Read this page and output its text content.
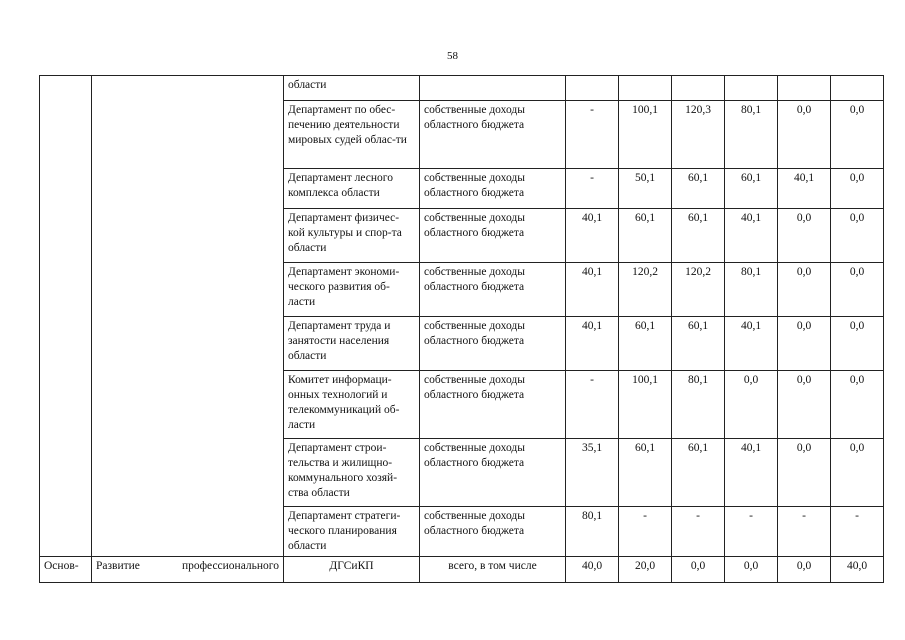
58
		области							
		Департамент по обес-печению деятельности мировых судей облас-ти	собственные доходы областного бюджета	-	100,1	120,3	80,1	0,0	0,0
		Департамент лесного комплекса области	собственные доходы областного бюджета	-	50,1	60,1	60,1	40,1	0,0
		Департамент физичес-кой культуры и спор-та области	собственные доходы областного бюджета	40,1	60,1	60,1	40,1	0,0	0,0
		Департамент экономи-ческого развития об-ласти	собственные доходы областного бюджета	40,1	120,2	120,2	80,1	0,0	0,0
		Департамент труда и занятости населения области	собственные доходы областного бюджета	40,1	60,1	60,1	40,1	0,0	0,0
		Комитет информаци-онных технологий и телекоммуникаций об-ласти	собственные доходы областного бюджета	-	100,1	80,1	0,0	0,0	0,0
		Департамент строи-тельства и жилищно-коммунального хозяй-ства области	собственные доходы областного бюджета	35,1	60,1	60,1	40,1	0,0	0,0
		Департамент стратеги-ческого планирования области	собственные доходы областного бюджета	80,1	-	-	-	-	-
Основ-	Развитие профессионального	ДГСиКП	всего, в том числе	40,0	20,0	0,0	0,0	0,0	40,0
